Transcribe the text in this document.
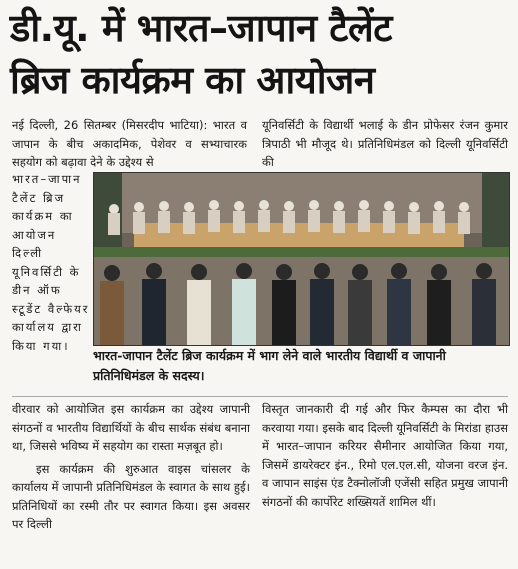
डी.यू. में भारत–जापान टैलेंट
ब्रिज कार्यक्रम का आयोजन

नई दिल्ली, 26 सितम्बर (मिसरदीप भाटिया): भारत व जापान के बीच अकादमिक, पेशेवर व सभ्याचारक सहयोग को बढ़ावा देने के उद्देश्य से

भारत–जापान
टैलेंट ब्रिज
कार्यक्रम का
आयोजन
दिल्ली
यूनिवर्सिटी के
डीन ऑफ
स्टूडेंट वैल्फेयर
कार्यालय द्वारा
किया गया।

यूनिवर्सिटी के विद्यार्थी भलाई के डीन प्रोफेसर रंजन कुमार त्रिपाठी भी मौजूद थे। प्रतिनिधिमंडल को दिल्ली यूनिवर्सिटी की

भारत-जापान टैलेंट ब्रिज कार्यक्रम में भाग लेने वाले भारतीय विद्यार्थी व जापानी प्रतिनिधिमंडल के सदस्य।

वीरवार को आयोजित इस कार्यक्रम का उद्देश्य जापानी संगठनों व भारतीय विद्यार्थियों के बीच सार्थक संबंध बनाना था, जिससे भविष्य में सहयोग का रास्ता मज़बूत हो।

इस कार्यक्रम की शुरुआत वाइस चांसलर के कार्यालय में जापानी प्रतिनिधिमंडल के स्वागत के साथ हुई। प्रतिनिधियों का रस्मी तौर पर स्वागत किया। इस अवसर पर दिल्ली

विस्तृत जानकारी दी गई और फिर कैम्पस का दौरा भी करवाया गया। इसके बाद दिल्ली यूनिवर्सिटी के मिरांडा हाउस में भारत–जापान करियर सैमीनार आयोजित किया गया, जिसमें डायरेक्टर इंन., रिमो एल.एल.सी, योजना वरज इंन. व जापान साइंस एंड टैक्नोलॉजी एजेंसी सहित प्रमुख जापानी संगठनों की कार्पोरेट शख्सियतें शामिल थीं।
